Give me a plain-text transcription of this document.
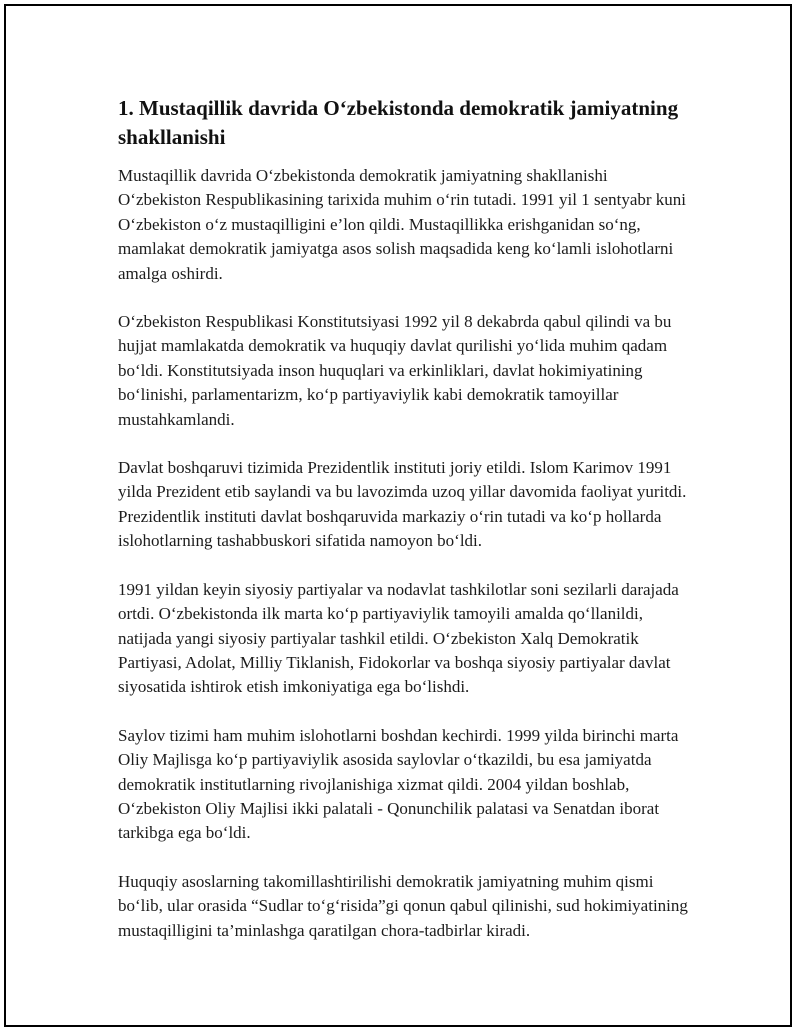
1. Mustaqillik davrida O‘zbekistonda demokratik jamiyatning shakllanishi

Mustaqillik davrida O‘zbekistonda demokratik jamiyatning shakllanishi O‘zbekiston Respublikasining tarixida muhim o‘rin tutadi. 1991 yil 1 sentyabr kuni O‘zbekiston o‘z mustaqilligini e’lon qildi. Mustaqillikka erishganidan so‘ng, mamlakat demokratik jamiyatga asos solish maqsadida keng ko‘lamli islohotlarni amalga oshirdi.

O‘zbekiston Respublikasi Konstitutsiyasi 1992 yil 8 dekabrda qabul qilindi va bu hujjat mamlakatda demokratik va huquqiy davlat qurilishi yo‘lida muhim qadam bo‘ldi. Konstitutsiyada inson huquqlari va erkinliklari, davlat hokimiyatining bo‘linishi, parlamentarizm, ko‘p partiyaviylik kabi demokratik tamoyillar mustahkamlandi.

Davlat boshqaruvi tizimida Prezidentlik instituti joriy etildi. Islom Karimov 1991 yilda Prezident etib saylandi va bu lavozimda uzoq yillar davomida faoliyat yuritdi. Prezidentlik instituti davlat boshqaruvida markaziy o‘rin tutadi va ko‘p hollarda islohotlarning tashabbuskori sifatida namoyon bo‘ldi.

1991 yildan keyin siyosiy partiyalar va nodavlat tashkilotlar soni sezilarli darajada ortdi. O‘zbekistonda ilk marta ko‘p partiyaviylik tamoyili amalda qo‘llanildi, natijada yangi siyosiy partiyalar tashkil etildi. O‘zbekiston Xalq Demokratik Partiyasi, Adolat, Milliy Tiklanish, Fidokorlar va boshqa siyosiy partiyalar davlat siyosatida ishtirok etish imkoniyatiga ega bo‘lishdi.

Saylov tizimi ham muhim islohotlarni boshdan kechirdi. 1999 yilda birinchi marta Oliy Majlisga ko‘p partiyaviylik asosida saylovlar o‘tkazildi, bu esa jamiyatda demokratik institutlarning rivojlanishiga xizmat qildi. 2004 yildan boshlab, O‘zbekiston Oliy Majlisi ikki palatali - Qonunchilik palatasi va Senatdan iborat tarkibga ega bo‘ldi.

Huquqiy asoslarning takomillashtirilishi demokratik jamiyatning muhim qismi bo‘lib, ular orasida “Sudlar to‘g‘risida”gi qonun qabul qilinishi, sud hokimiyatining mustaqilligini ta’minlashga qaratilgan chora-tadbirlar kiradi.
